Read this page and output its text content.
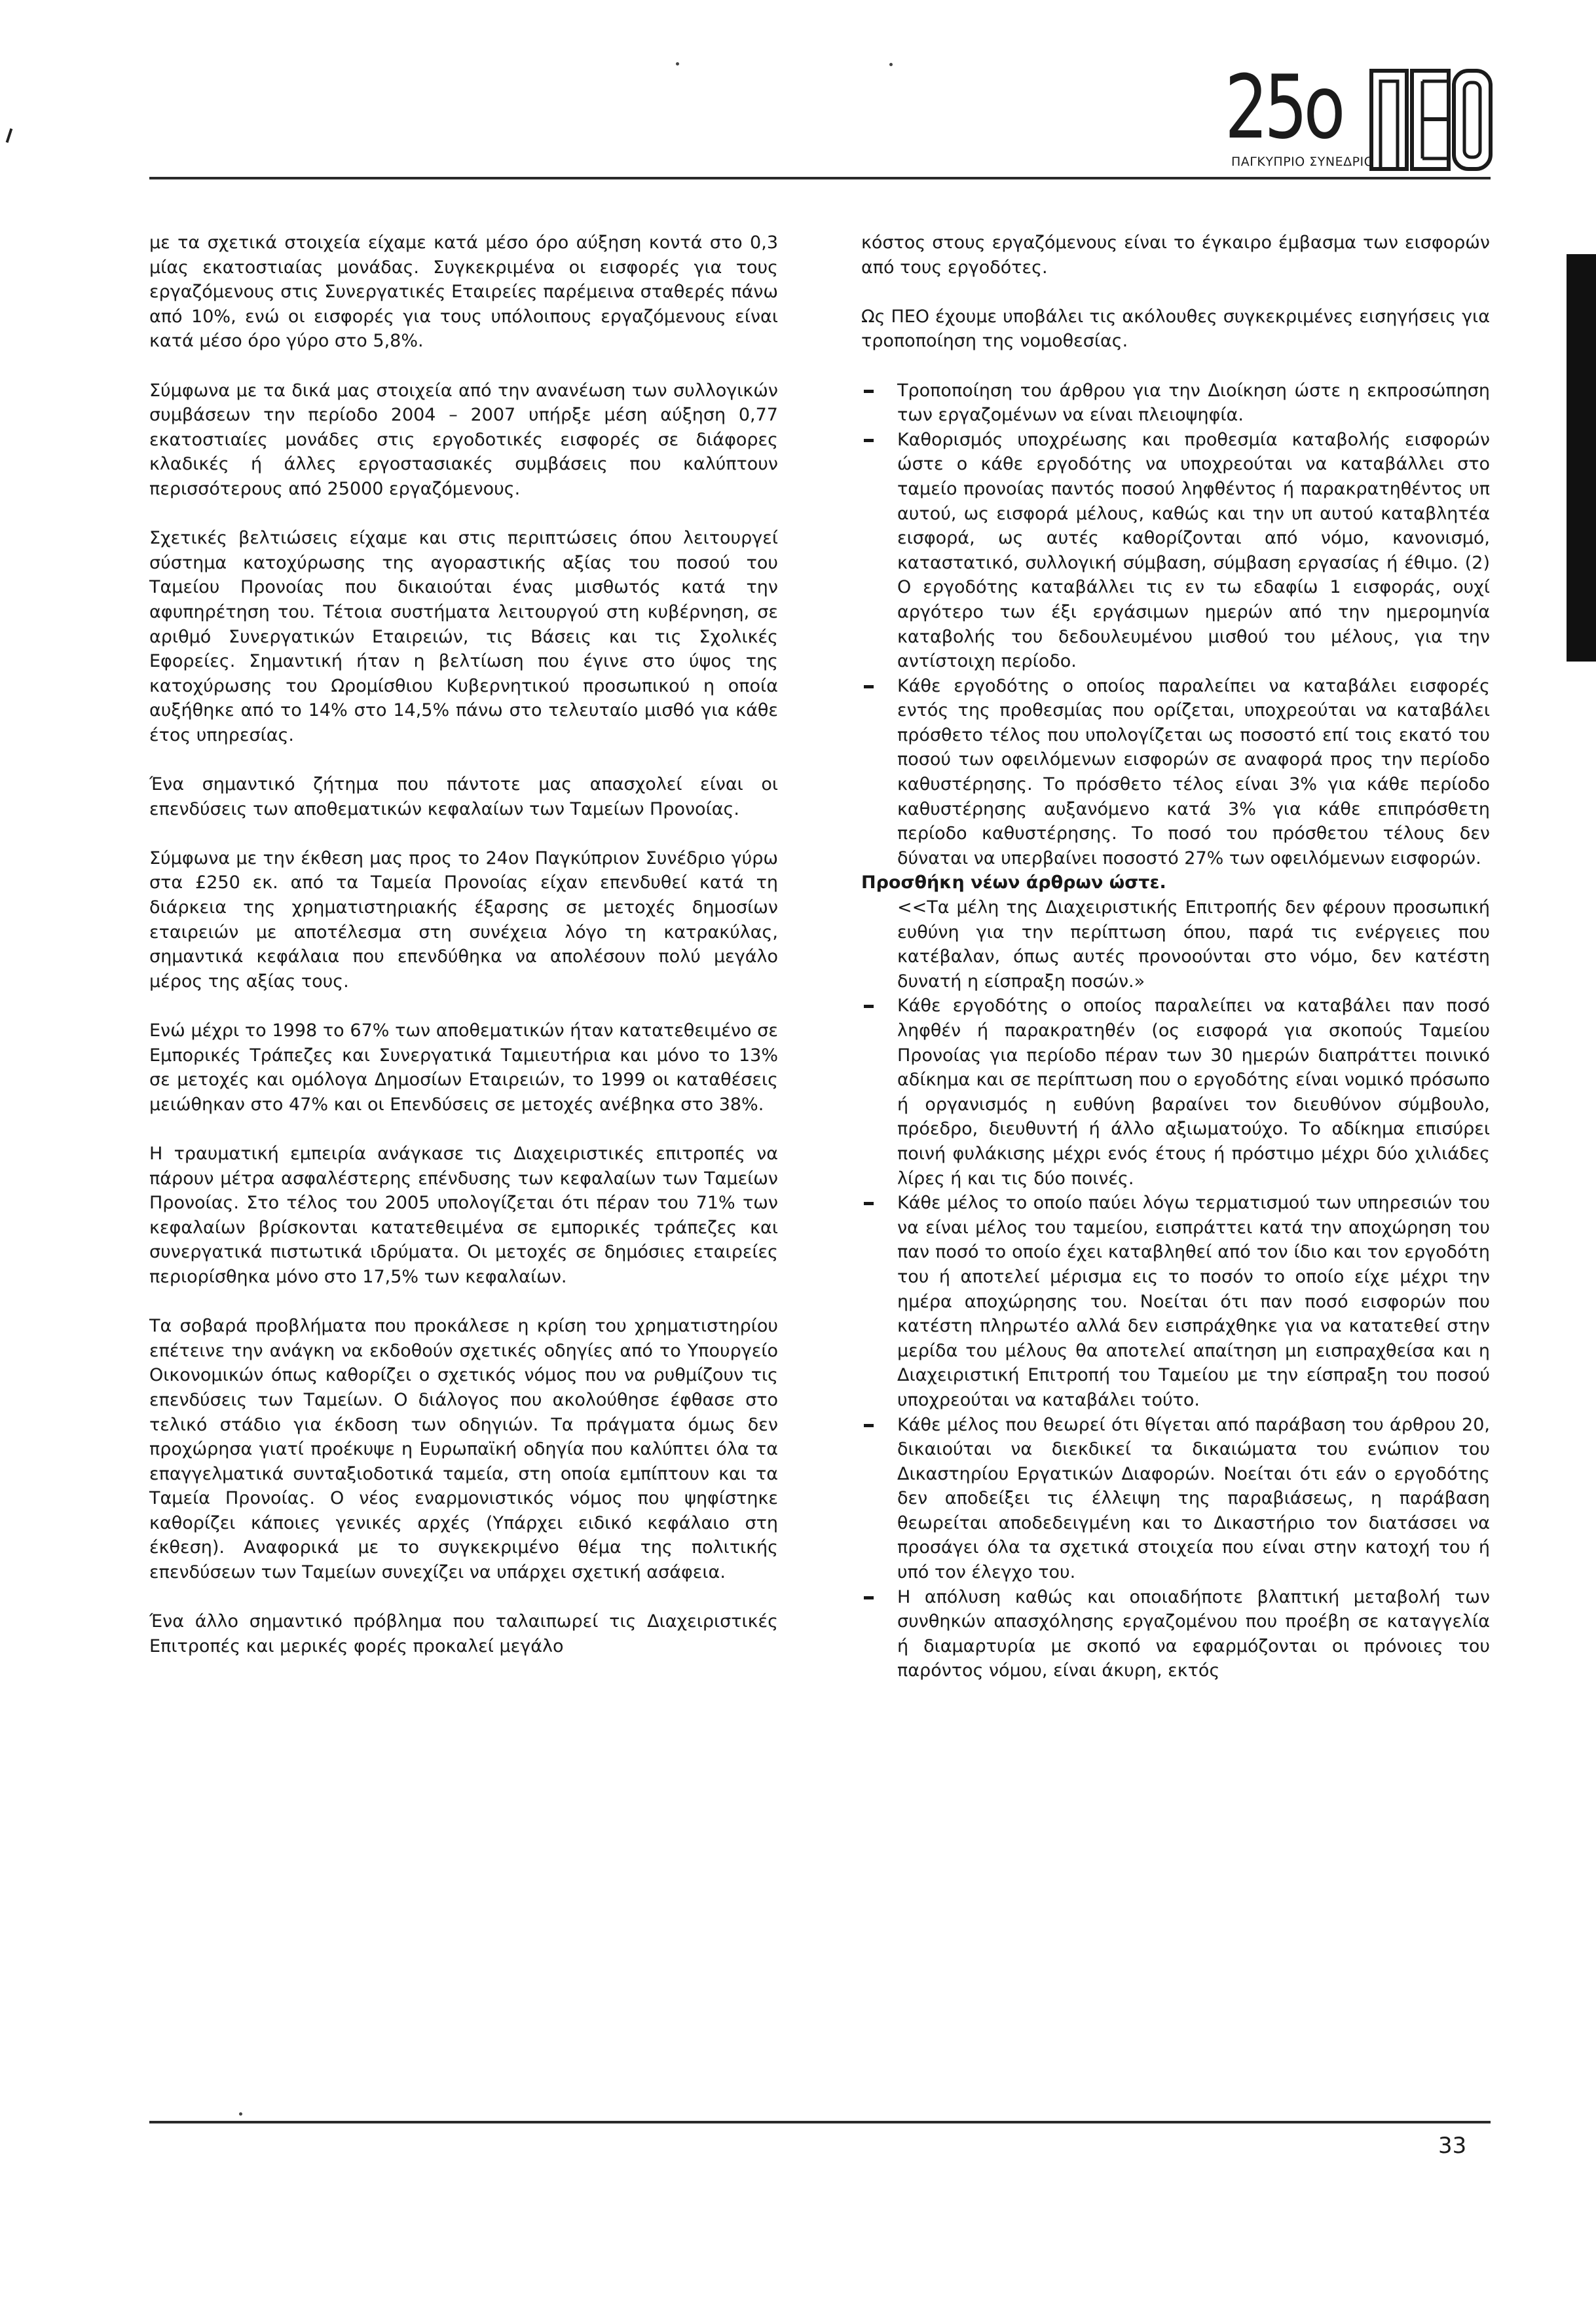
25ο
ΠΑΓΚΥΠΡΙΟ ΣΥΝΕΔΡΙΟ

με τα σχετικά στοιχεία είχαμε κατά μέσο όρο αύξηση κοντά στο 0,3 μίας εκατοστιαίας μονάδας. Συγκεκριμένα οι εισφορές για τους εργαζόμενους στις Συνεργατικές Εταιρείες παρέμεινα σταθερές πάνω από 10%, ενώ οι εισφορές για τους υπόλοιπους εργαζόμενους είναι κατά μέσο όρο γύρο στο 5,8%.

Σύμφωνα με τα δικά μας στοιχεία από την ανανέωση των συλλογικών συμβάσεων την περίοδο 2004 – 2007 υπήρξε μέση αύξηση 0,77 εκατοστιαίες μονάδες στις εργοδοτικές εισφορές σε διάφορες κλαδικές ή άλλες εργοστασιακές συμβάσεις που καλύπτουν περισσότερους από 25000 εργαζόμενους.

Σχετικές βελτιώσεις είχαμε και στις περιπτώσεις όπου λειτουργεί σύστημα κατοχύρωσης της αγοραστικής αξίας του ποσού του Ταμείου Προνοίας που δικαιούται ένας μισθωτός κατά την αφυπηρέτηση του. Τέτοια συστήματα λειτουργού στη κυβέρνηση, σε αριθμό Συνεργατικών Εταιρειών, τις Βάσεις και τις Σχολικές Εφορείες. Σημαντική ήταν η βελτίωση που έγινε στο ύψος της κατοχύρωσης του Ωρομίσθιου Κυβερνητικού προσωπικού η οποία αυξήθηκε από το 14% στο 14,5% πάνω στο τελευταίο μισθό για κάθε έτος υπηρεσίας.

Ένα σημαντικό ζήτημα που πάντοτε μας απασχολεί είναι οι επενδύσεις των αποθεματικών κεφαλαίων των Ταμείων Προνοίας.

Σύμφωνα με την έκθεση μας προς το 24ον Παγκύπριον Συνέδριο γύρω στα £250 εκ. από τα Ταμεία Προνοίας είχαν επενδυθεί κατά τη διάρκεια της χρηματιστηριακής έξαρσης σε μετοχές δημοσίων εταιρειών με αποτέλεσμα στη συνέχεια λόγο τη κατρακύλας, σημαντικά κεφάλαια που επενδύθηκα να απολέσουν πολύ μεγάλο μέρος της αξίας τους.

Ενώ μέχρι το 1998 το 67% των αποθεματικών ήταν κατατεθειμένο σε Εμπορικές Τράπεζες και Συνεργατικά Ταμιευτήρια και μόνο το 13% σε μετοχές και ομόλογα Δημοσίων Εταιρειών, το 1999 οι καταθέσεις μειώθηκαν στο 47% και οι Επενδύσεις σε μετοχές ανέβηκα στο 38%.

Η τραυματική εμπειρία ανάγκασε τις Διαχειριστικές επιτροπές να πάρουν μέτρα ασφαλέστερης επένδυσης των κεφαλαίων των Ταμείων Προνοίας. Στο τέλος του 2005 υπολογίζεται ότι πέραν του 71% των κεφαλαίων βρίσκονται κατατεθειμένα σε εμπορικές τράπεζες και συνεργατικά πιστωτικά ιδρύματα. Οι μετοχές σε δημόσιες εταιρείες περιορίσθηκα μόνο στο 17,5% των κεφαλαίων.

Τα σοβαρά προβλήματα που προκάλεσε η κρίση του χρηματιστηρίου επέτεινε την ανάγκη να εκδοθούν σχετικές οδηγίες από το Υπουργείο Οικονομικών όπως καθορίζει ο σχετικός νόμος που να ρυθμίζουν τις επενδύσεις των Ταμείων. Ο διάλογος που ακολούθησε έφθασε στο τελικό στάδιο για έκδοση των οδηγιών. Τα πράγματα όμως δεν προχώρησα γιατί προέκυψε η Ευρωπαϊκή οδηγία που καλύπτει όλα τα επαγγελματικά συνταξιοδοτικά ταμεία, στη οποία εμπίπτουν και τα Ταμεία Προνοίας. Ο νέος εναρμονιστικός νόμος που ψηφίστηκε καθορίζει κάποιες γενικές αρχές (Υπάρχει ειδικό κεφάλαιο στη έκθεση). Αναφορικά με το συγκεκριμένο θέμα της πολιτικής επενδύσεων των Ταμείων συνεχίζει να υπάρχει σχετική ασάφεια.

Ένα άλλο σημαντικό πρόβλημα που ταλαιπωρεί τις Διαχειριστικές Επιτροπές και μερικές φορές προκαλεί μεγάλο

κόστος στους εργαζόμενους είναι το έγκαιρο έμβασμα των εισφορών από τους εργοδότες.

Ως ΠΕΟ έχουμε υποβάλει τις ακόλουθες συγκεκριμένες εισηγήσεις για τροποποίηση της νομοθεσίας.

Τροποποίηση του άρθρου για την Διοίκηση ώστε η εκπροσώπηση των εργαζομένων να είναι πλειοψηφία.
Καθορισμός υποχρέωσης και προθεσμία καταβολής εισφορών ώστε ο κάθε εργοδότης να υποχρεούται να καταβάλλει στο ταμείο προνοίας παντός ποσού ληφθέντος ή παρακρατηθέντος υπ αυτού, ως εισφορά μέλους, καθώς και την υπ αυτού καταβλητέα εισφορά, ως αυτές καθορίζονται από νόμο, κανονισμό, καταστατικό, συλλογική σύμβαση, σύμβαση εργασίας ή έθιμο. (2) Ο εργοδότης καταβάλλει τις εν τω εδαφίω 1 εισφοράς, ουχί αργότερο των έξι εργάσιμων ημερών από την ημερομηνία καταβολής του δεδουλευμένου μισθού του μέλους, για την αντίστοιχη περίοδο.
Κάθε εργοδότης ο οποίος παραλείπει να καταβάλει εισφορές εντός της προθεσμίας που ορίζεται, υποχρεούται να καταβάλει πρόσθετο τέλος που υπολογίζεται ως ποσοστό επί τοις εκατό του ποσού των οφειλόμενων εισφορών σε αναφορά προς την περίοδο καθυστέρησης. Το πρόσθετο τέλος είναι 3% για κάθε περίοδο καθυστέρησης αυξανόμενο κατά 3% για κάθε επιπρόσθετη περίοδο καθυστέρησης. Το ποσό του πρόσθετου τέλους δεν δύναται να υπερβαίνει ποσοστό 27% των οφειλόμενων εισφορών.

Προσθήκη νέων άρθρων ώστε.

<<Τα μέλη της Διαχειριστικής Επιτροπής δεν φέρουν προσωπική ευθύνη για την περίπτωση όπου, παρά τις ενέργειες που κατέβαλαν, όπως αυτές προνοούνται στο νόμο, δεν κατέστη δυνατή η είσπραξη ποσών.»
Κάθε εργοδότης ο οποίος παραλείπει να καταβάλει παν ποσό ληφθέν ή παρακρατηθέν (ος εισφορά για σκοπούς Ταμείου Προνοίας για περίοδο πέραν των 30 ημερών διαπράττει ποινικό αδίκημα και σε περίπτωση που ο εργοδότης είναι νομικό πρόσωπο ή οργανισμός η ευθύνη βαραίνει τον διευθύνον σύμβουλο, πρόεδρο, διευθυντή ή άλλο αξιωματούχο. Το αδίκημα επισύρει ποινή φυλάκισης μέχρι ενός έτους ή πρόστιμο μέχρι δύο χιλιάδες λίρες ή και τις δύο ποινές.
Κάθε μέλος το οποίο παύει λόγω τερματισμού των υπηρεσιών του να είναι μέλος του ταμείου, εισπράττει κατά την αποχώρηση του παν ποσό το οποίο έχει καταβληθεί από τον ίδιο και τον εργοδότη του ή αποτελεί μέρισμα εις το ποσόν το οποίο είχε μέχρι την ημέρα αποχώρησης του. Νοείται ότι παν ποσό εισφορών που κατέστη πληρωτέο αλλά δεν εισπράχθηκε για να κατατεθεί στην μερίδα του μέλους θα αποτελεί απαίτηση μη εισπραχθείσα και η Διαχειριστική Επιτροπή του Ταμείου με την είσπραξη του ποσού υποχρεούται να καταβάλει τούτο.
Κάθε μέλος που θεωρεί ότι θίγεται από παράβαση του άρθρου 20, δικαιούται να διεκδικεί τα δικαιώματα του ενώπιον του Δικαστηρίου Εργατικών Διαφορών. Νοείται ότι εάν ο εργοδότης δεν αποδείξει τις έλλειψη της παραβιάσεως, η παράβαση θεωρείται αποδεδειγμένη και το Δικαστήριο τον διατάσσει να προσάγει όλα τα σχετικά στοιχεία που είναι στην κατοχή του ή υπό τον έλεγχο του.
Η απόλυση καθώς και οποιαδήποτε βλαπτική μεταβολή των συνθηκών απασχόλησης εργαζομένου που προέβη σε καταγγελία ή διαμαρτυρία με σκοπό να εφαρμόζονται οι πρόνοιες του παρόντος νόμου, είναι άκυρη, εκτός
33
